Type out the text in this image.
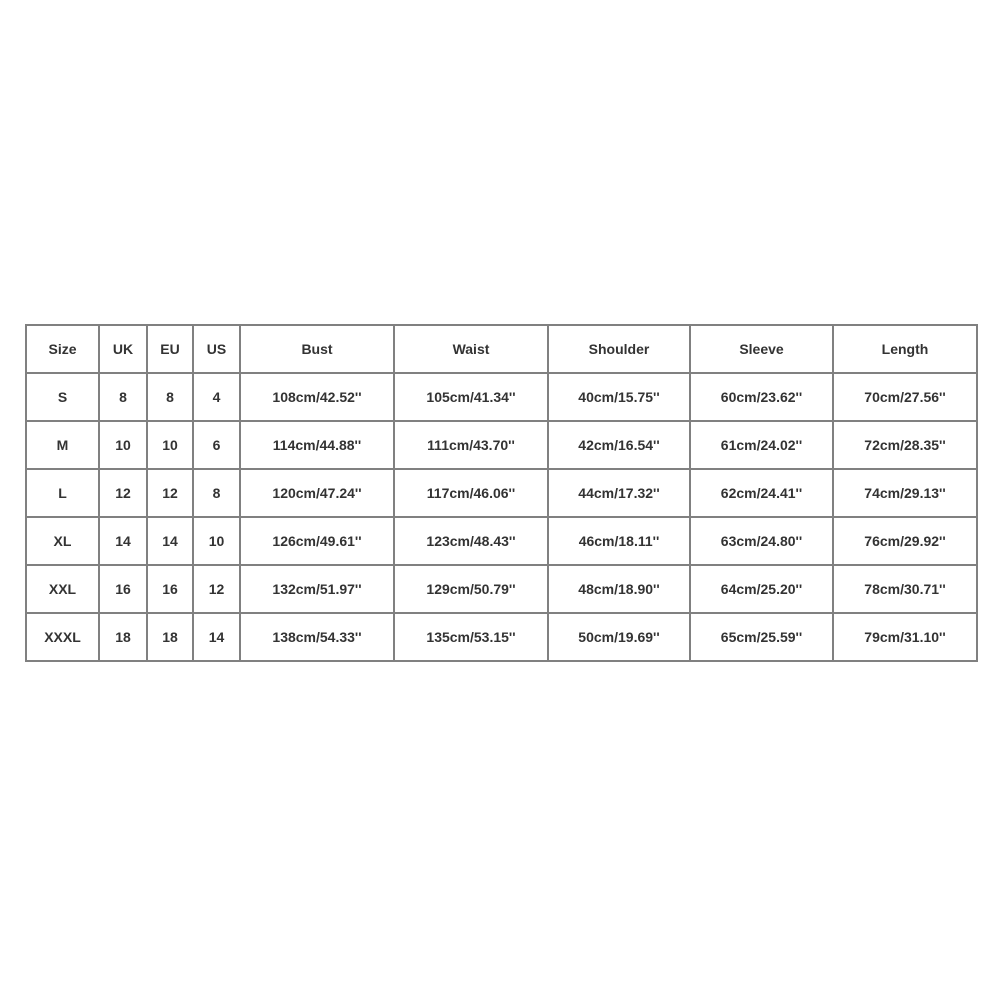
Size	UK	EU	US	Bust	Waist	Shoulder	Sleeve	Length
S	8	8	4	108cm/42.52''	105cm/41.34''	40cm/15.75''	60cm/23.62''	70cm/27.56''
M	10	10	6	114cm/44.88''	111cm/43.70''	42cm/16.54''	61cm/24.02''	72cm/28.35''
L	12	12	8	120cm/47.24''	117cm/46.06''	44cm/17.32''	62cm/24.41''	74cm/29.13''
XL	14	14	10	126cm/49.61''	123cm/48.43''	46cm/18.11''	63cm/24.80''	76cm/29.92''
XXL	16	16	12	132cm/51.97''	129cm/50.79''	48cm/18.90''	64cm/25.20''	78cm/30.71''
XXXL	18	18	14	138cm/54.33''	135cm/53.15''	50cm/19.69''	65cm/25.59''	79cm/31.10''
